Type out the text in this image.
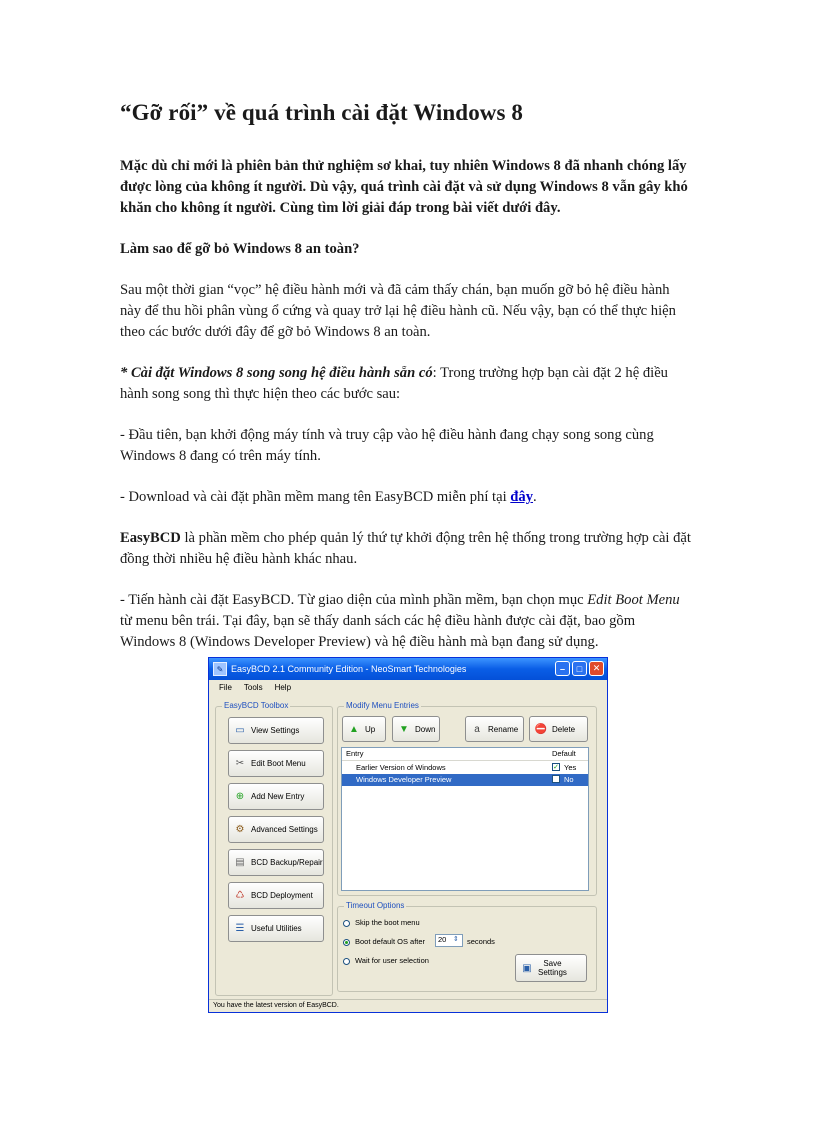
“Gỡ rối” về quá trình cài đặt Windows 8

Mặc dù chỉ mới là phiên bản thử nghiệm sơ khai, tuy nhiên Windows 8 đã nhanh chóng lấy được lòng của không ít người. Dù vậy, quá trình cài đặt và sử dụng Windows 8 vẫn gây khó khăn cho không ít người. Cùng tìm lời giải đáp trong bài viết dưới đây.

Làm sao để gỡ bỏ Windows 8 an toàn?

Sau một thời gian “vọc” hệ điều hành mới và đã cảm thấy chán, bạn muốn gỡ bỏ hệ điều hành này để thu hồi phân vùng ổ cứng và quay trở lại hệ điều hành cũ. Nếu vậy, bạn có thể thực hiện theo các bước dưới đây để gỡ bỏ Windows 8 an toàn.

* Cài đặt Windows 8 song song hệ điều hành sẵn có: Trong trường hợp bạn cài đặt 2 hệ điều hành song song thì thực hiện theo các bước sau:

- Đầu tiên, bạn khởi động máy tính và truy cập vào hệ điều hành đang chạy song song cùng Windows 8 đang có trên máy tính.

- Download và cài đặt phần mềm mang tên EasyBCD miễn phí tại đây.

EasyBCD là phần mềm cho phép quản lý thứ tự khởi động trên hệ thống trong trường hợp cài đặt đồng thời nhiều hệ điều hành khác nhau.

- Tiến hành cài đặt EasyBCD. Từ giao diện của mình phần mềm, bạn chọn mục Edit Boot Menu từ menu bên trái. Tại đây, bạn sẽ thấy danh sách các hệ điều hành được cài đặt, bao gồm Windows 8 (Windows Developer Preview) và hệ điều hành mà bạn đang sử dụng.

✎ EasyBCD 2.1 Community Edition - NeoSmart Technologies	–	□	✕
File Tools Help
EasyBCD Toolbox
▭ View Settings
✂ Edit Boot Menu
⊕ Add New Entry
⚙ Advanced Settings
▤ BCD Backup/Repair
♺ BCD Deployment
☰ Useful Utilities
Modify Menu Entries
▲ Up ▼ Down	a	Rename ⛔ Delete
Entry	Default
Earlier Version of Windows	✓ Yes
Windows Developer Preview	No
Timeout Options
Skip the boot menu
Boot default OS after	20 ⇕ seconds
Wait for user selection
▣ Save
Settings
You have the latest version of EasyBCD.
